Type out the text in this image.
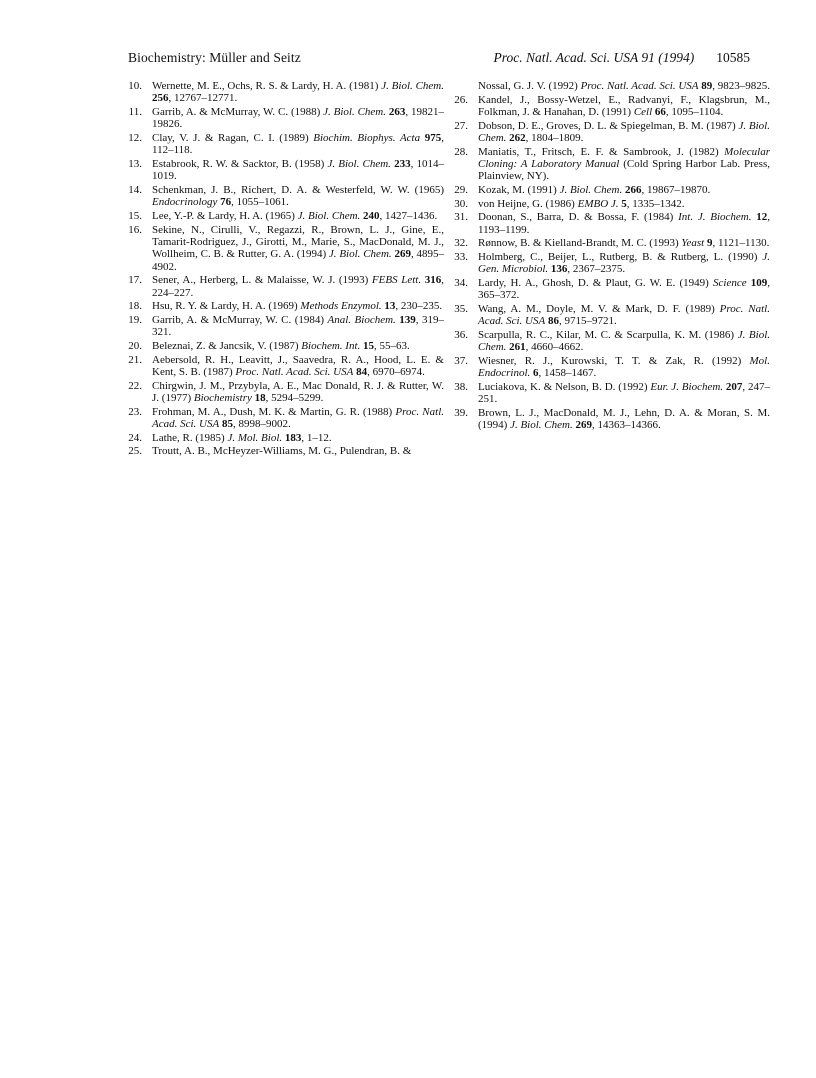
Biochemistry: Müller and Seitz	Proc. Natl. Acad. Sci. USA 91 (1994) 10585
10. Wernette, M. E., Ochs, R. S. & Lardy, H. A. (1981) J. Biol. Chem. 256, 12767–12771.
11. Garrib, A. & McMurray, W. C. (1988) J. Biol. Chem. 263, 19821–19826.
12. Clay, V. J. & Ragan, C. I. (1989) Biochim. Biophys. Acta 975, 112–118.
13. Estabrook, R. W. & Sacktor, B. (1958) J. Biol. Chem. 233, 1014–1019.
14. Schenkman, J. B., Richert, D. A. & Westerfeld, W. W. (1965) Endocrinology 76, 1055–1061.
15. Lee, Y.-P. & Lardy, H. A. (1965) J. Biol. Chem. 240, 1427–1436.
16. Sekine, N., Cirulli, V., Regazzi, R., Brown, L. J., Gine, E., Tamarit-Rodriguez, J., Girotti, M., Marie, S., MacDonald, M. J., Wollheim, C. B. & Rutter, G. A. (1994) J. Biol. Chem. 269, 4895–4902.
17. Sener, A., Herberg, L. & Malaisse, W. J. (1993) FEBS Lett. 316, 224–227.
18. Hsu, R. Y. & Lardy, H. A. (1969) Methods Enzymol. 13, 230–235.
19. Garrib, A. & McMurray, W. C. (1984) Anal. Biochem. 139, 319–321.
20. Beleznai, Z. & Jancsik, V. (1987) Biochem. Int. 15, 55–63.
21. Aebersold, R. H., Leavitt, J., Saavedra, R. A., Hood, L. E. & Kent, S. B. (1987) Proc. Natl. Acad. Sci. USA 84, 6970–6974.
22. Chirgwin, J. M., Przybyla, A. E., Mac Donald, R. J. & Rutter, W. J. (1977) Biochemistry 18, 5294–5299.
23. Frohman, M. A., Dush, M. K. & Martin, G. R. (1988) Proc. Natl. Acad. Sci. USA 85, 8998–9002.
24. Lathe, R. (1985) J. Mol. Biol. 183, 1–12.
25. Troutt, A. B., McHeyzer-Williams, M. G., Pulendran, B. &
Nossal, G. J. V. (1992) Proc. Natl. Acad. Sci. USA 89, 9823–9825.
26. Kandel, J., Bossy-Wetzel, E., Radvanyi, F., Klagsbrun, M., Folkman, J. & Hanahan, D. (1991) Cell 66, 1095–1104.
27. Dobson, D. E., Groves, D. L. & Spiegelman, B. M. (1987) J. Biol. Chem. 262, 1804–1809.
28. Maniatis, T., Fritsch, E. F. & Sambrook, J. (1982) Molecular Cloning: A Laboratory Manual (Cold Spring Harbor Lab. Press, Plainview, NY).
29. Kozak, M. (1991) J. Biol. Chem. 266, 19867–19870.
30. von Heijne, G. (1986) EMBO J. 5, 1335–1342.
31. Doonan, S., Barra, D. & Bossa, F. (1984) Int. J. Biochem. 12, 1193–1199.
32. Rønnow, B. & Kielland-Brandt, M. C. (1993) Yeast 9, 1121–1130.
33. Holmberg, C., Beijer, L., Rutberg, B. & Rutberg, L. (1990) J. Gen. Microbiol. 136, 2367–2375.
34. Lardy, H. A., Ghosh, D. & Plaut, G. W. E. (1949) Science 109, 365–372.
35. Wang, A. M., Doyle, M. V. & Mark, D. F. (1989) Proc. Natl. Acad. Sci. USA 86, 9715–9721.
36. Scarpulla, R. C., Kilar, M. C. & Scarpulla, K. M. (1986) J. Biol. Chem. 261, 4660–4662.
37. Wiesner, R. J., Kurowski, T. T. & Zak, R. (1992) Mol. Endocrinol. 6, 1458–1467.
38. Luciakova, K. & Nelson, B. D. (1992) Eur. J. Biochem. 207, 247–251.
39. Brown, L. J., MacDonald, M. J., Lehn, D. A. & Moran, S. M. (1994) J. Biol. Chem. 269, 14363–14366.
